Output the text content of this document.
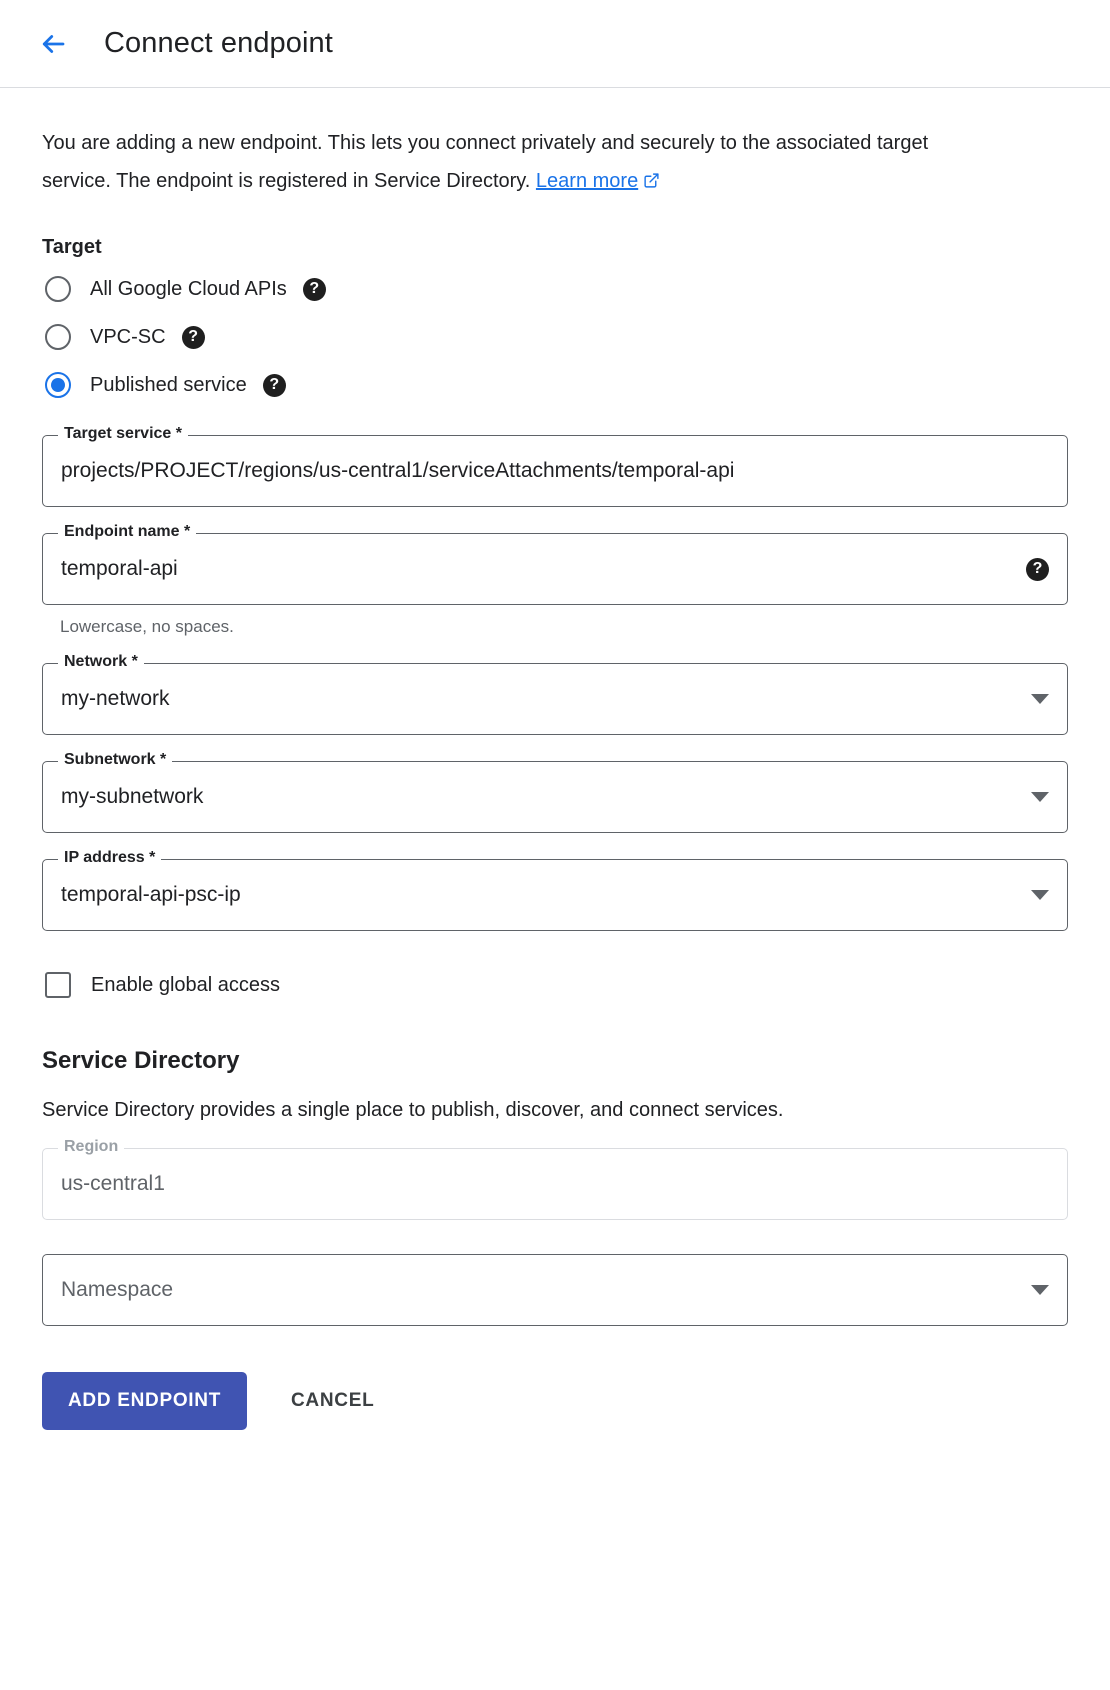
Connect endpoint
You are adding a new endpoint. This lets you connect privately and securely to the associated target service. The endpoint is registered in Service Directory. Learn more
Target
All Google Cloud APIs	?
VPC-SC	?
Published service	?
Target service *
projects/PROJECT/regions/us-central1/serviceAttachments/temporal-api
Endpoint name *
temporal-api	?
Lowercase, no spaces.
Network *
my-network
Subnetwork *
my-subnetwork
IP address *
temporal-api-psc-ip
Enable global access
Service Directory
Service Directory provides a single place to publish, discover, and connect services.
Region
us-central1
Namespace
ADD ENDPOINT	CANCEL
